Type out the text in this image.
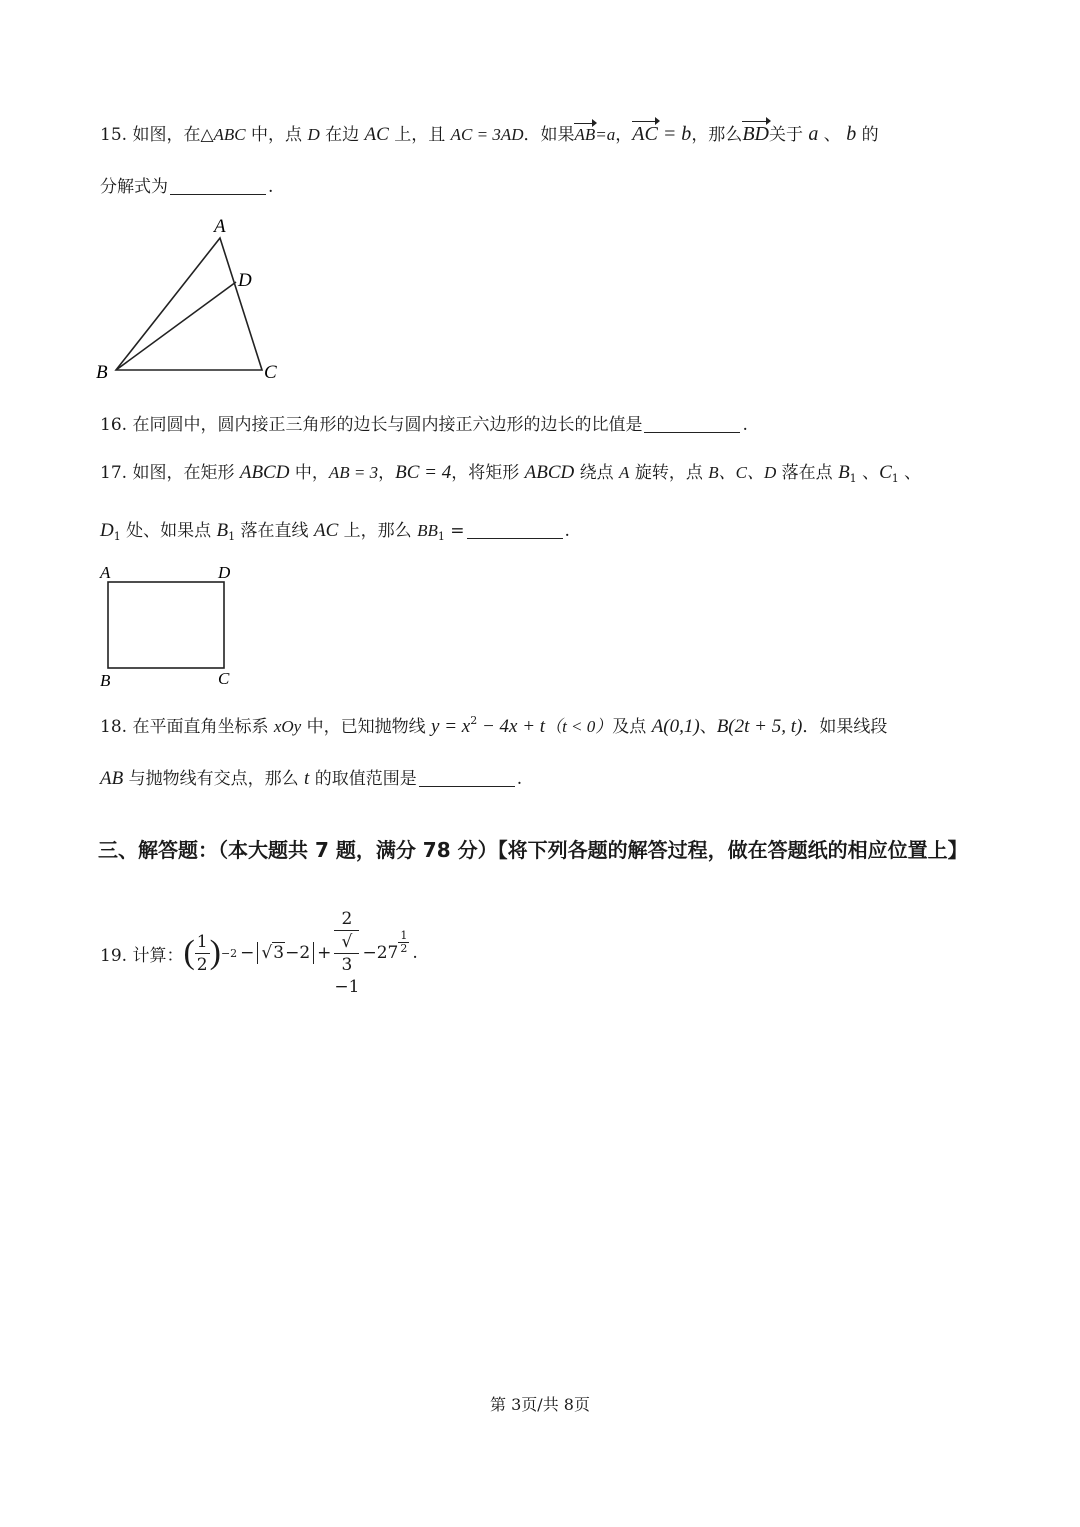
15. 如图，在△ABC 中，点 D 在边 AC 上，且 AC = 3AD．如果AB=a，AC = b，那么BD关于 a 、 b 的
分解式为	.
A
D
B	C
16. 在同圆中，圆内接正三角形的边长与圆内接正六边形的边长的比值是	.
17. 如图，在矩形 ABCD 中，AB = 3，BC = 4，将矩形 ABCD 绕点 A 旋转，点 B、C、D 落在点 $B_1$ 、$C_1$ 、
$D_1$ 处、如果点 $B_1$ 落在直线 AC 上，那么 $BB_1$ =	.
A	D
B	C
18. 在平面直角坐标系 xOy 中，已知抛物线 $y = x^2 - 4x + t(t < 0)$及点 A(0,1)、B(2t + 5, t)．如果线段
AB 与抛物线有交点，那么 t 的取值范围是	.
三、解答题：（本大题共 7 题，满分 78 分）【将下列各题的解答过程，做在答题纸的相应位置上】
19. 计算： ( $\frac{1}{2}$ ) −2 − √3−2 + 2
√
3
$-1 -27 \frac{1}{2}$ .
第 3页/共 8页
